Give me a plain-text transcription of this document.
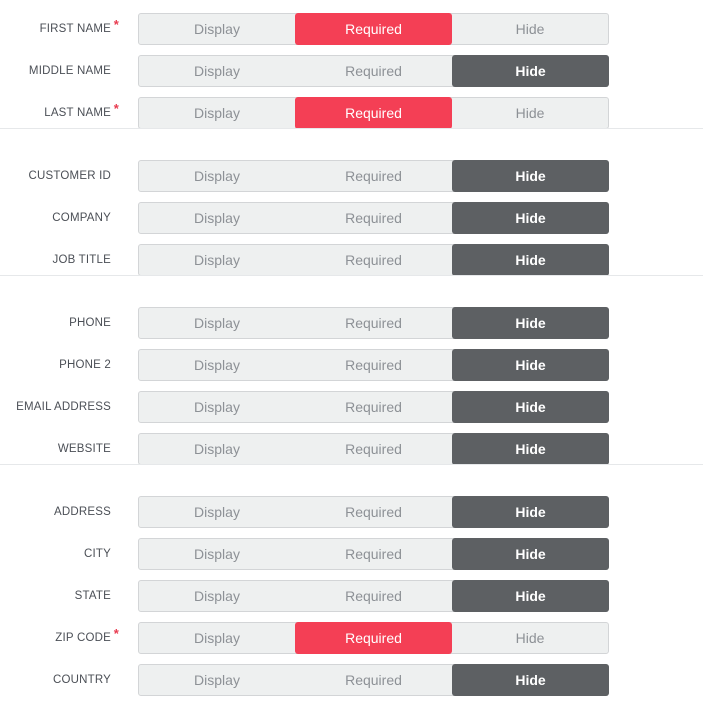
FIRST NAME *	Display	Required	Hide
MIDDLE NAME	Display	Required	Hide
LAST NAME *	Display	Required	Hide
CUSTOMER ID	Display	Required	Hide
COMPANY	Display	Required	Hide
JOB TITLE	Display	Required	Hide
PHONE	Display	Required	Hide
PHONE 2	Display	Required	Hide
EMAIL ADDRESS	Display	Required	Hide
WEBSITE	Display	Required	Hide
ADDRESS	Display	Required	Hide
CITY	Display	Required	Hide
STATE	Display	Required	Hide
ZIP CODE *	Display	Required	Hide
COUNTRY	Display	Required	Hide
